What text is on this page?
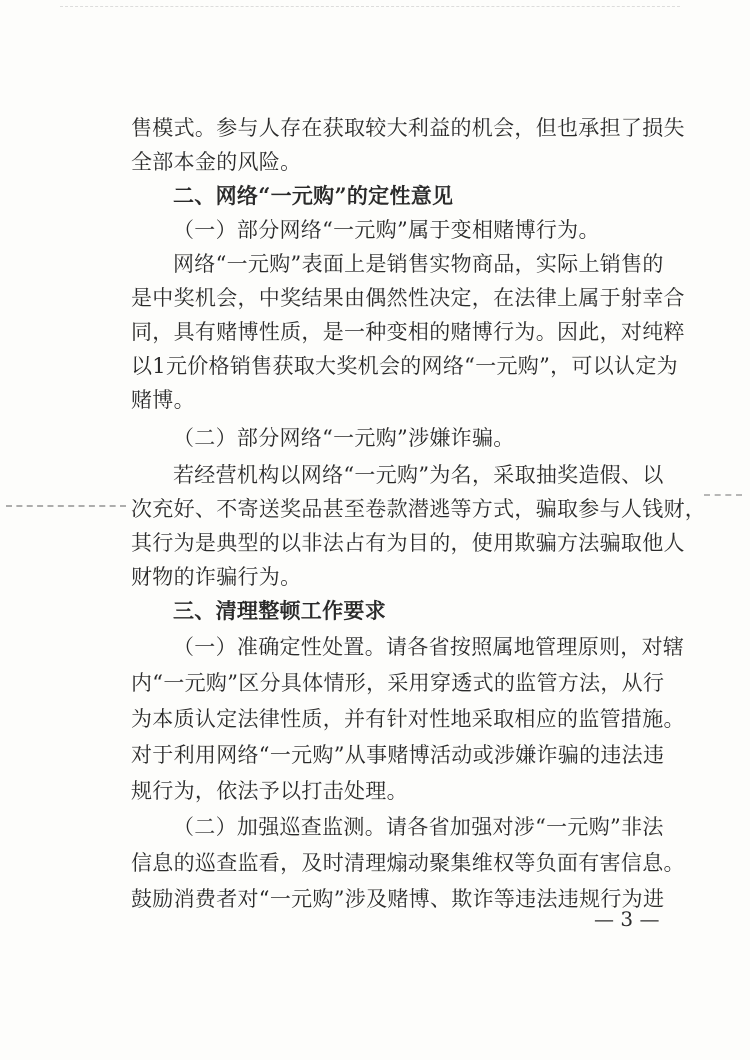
售模式。参与人存在获取较大利益的机会，但也承担了损失
全部本金的风险。
二、网络“一元购”的定性意见
（一）部分网络“一元购”属于变相赌博行为。
网络“一元购”表面上是销售实物商品，实际上销售的
是中奖机会，中奖结果由偶然性决定，在法律上属于射幸合
同，具有赌博性质，是一种变相的赌博行为。因此，对纯粹
以1元价格销售获取大奖机会的网络“一元购”，可以认定为
赌博。
（二）部分网络“一元购”涉嫌诈骗。
若经营机构以网络“一元购”为名，采取抽奖造假、以
次充好、不寄送奖品甚至卷款潜逃等方式，骗取参与人钱财，
其行为是典型的以非法占有为目的，使用欺骗方法骗取他人
财物的诈骗行为。
三、清理整顿工作要求
（一）准确定性处置。请各省按照属地管理原则，对辖
内“一元购”区分具体情形，采用穿透式的监管方法，从行
为本质认定法律性质，并有针对性地采取相应的监管措施。
对于利用网络“一元购”从事赌博活动或涉嫌诈骗的违法违
规行为，依法予以打击处理。
（二）加强巡查监测。请各省加强对涉“一元购”非法
信息的巡查监看，及时清理煽动聚集维权等负面有害信息。
鼓励消费者对“一元购”涉及赌博、欺诈等违法违规行为进
— 3 —
